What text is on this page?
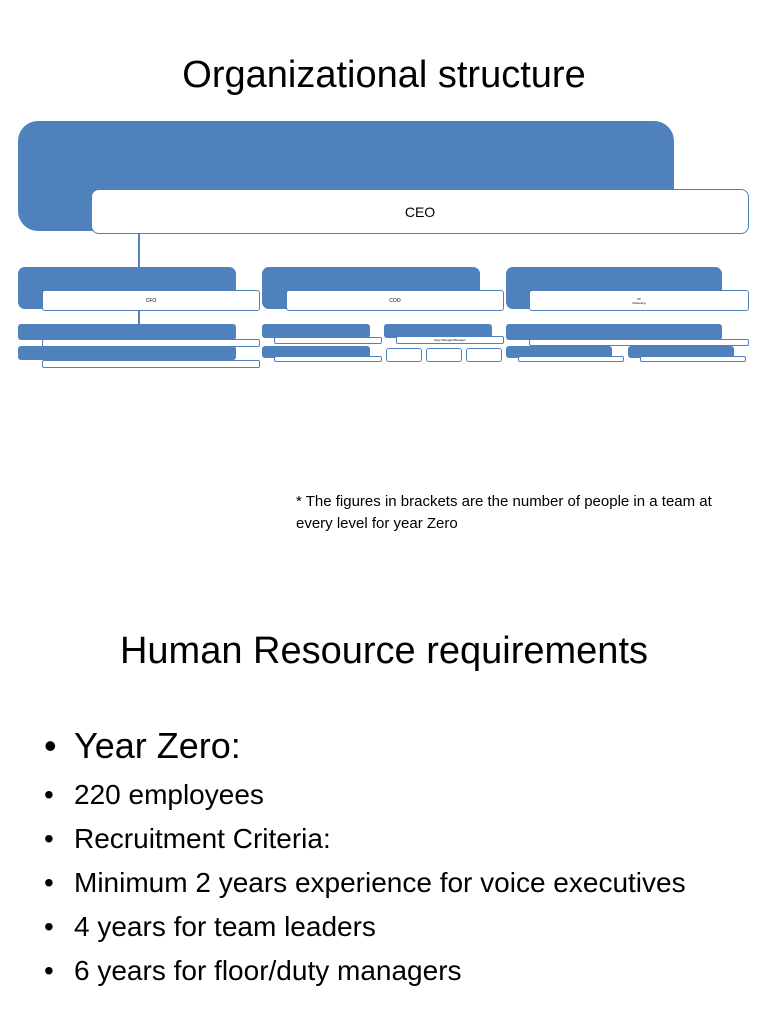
Organizational structure
CEO
CFO	COO
Duty Manager/Manager
VP
Marketing
* The figures in brackets are the number of people in a team at every level for year Zero
Human Resource requirements
• Year Zero:
• 220 employees
• Recruitment Criteria:
• Minimum 2 years experience for voice executives
• 4 years for team leaders
• 6 years for floor/duty managers
